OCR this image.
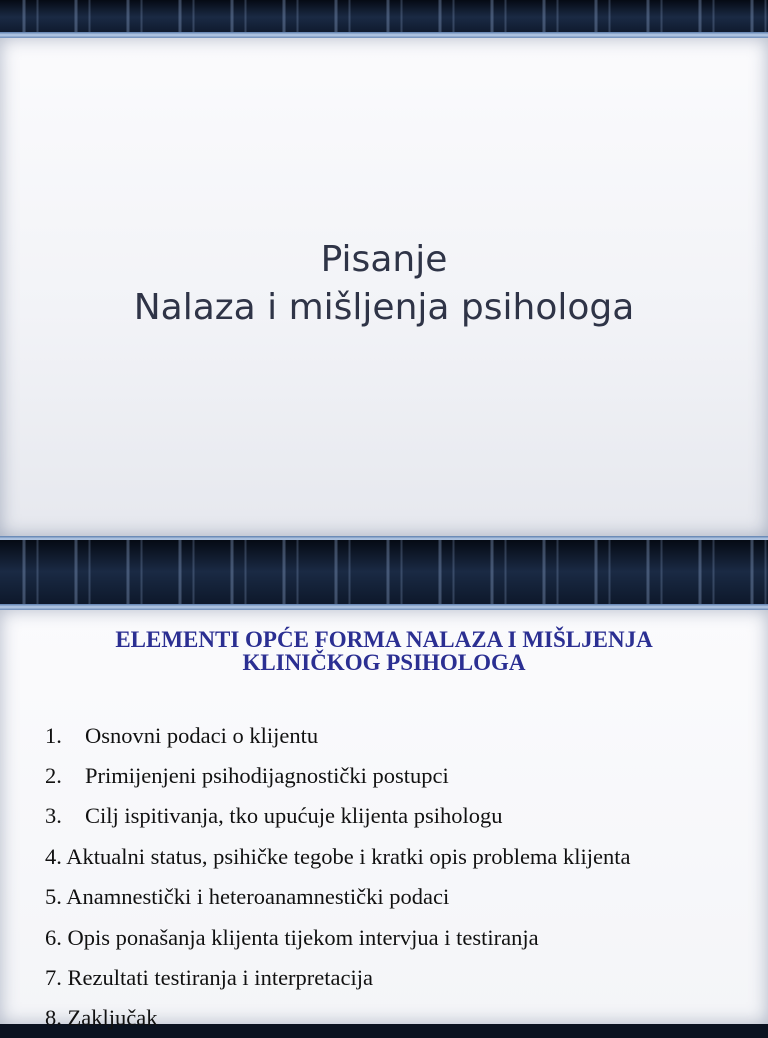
Pisanje
Nalaza i mišljenja psihologa
ELEMENTI OPĆE FORMA NALAZA I MIŠLJENJA
KLINIČKOG PSIHOLOGA
1. Osnovni podaci o klijentu
2. Primijenjeni psihodijagnostički postupci
3. Cilj ispitivanja, tko upućuje klijenta psihologu
4. Aktualni status, psihičke tegobe i kratki opis problema klijenta
5. Anamnestički i heteroanamnestički podaci
6. Opis ponašanja klijenta tijekom intervjua i testiranja
7. Rezultati testiranja i interpretacija
8. Zaključak
